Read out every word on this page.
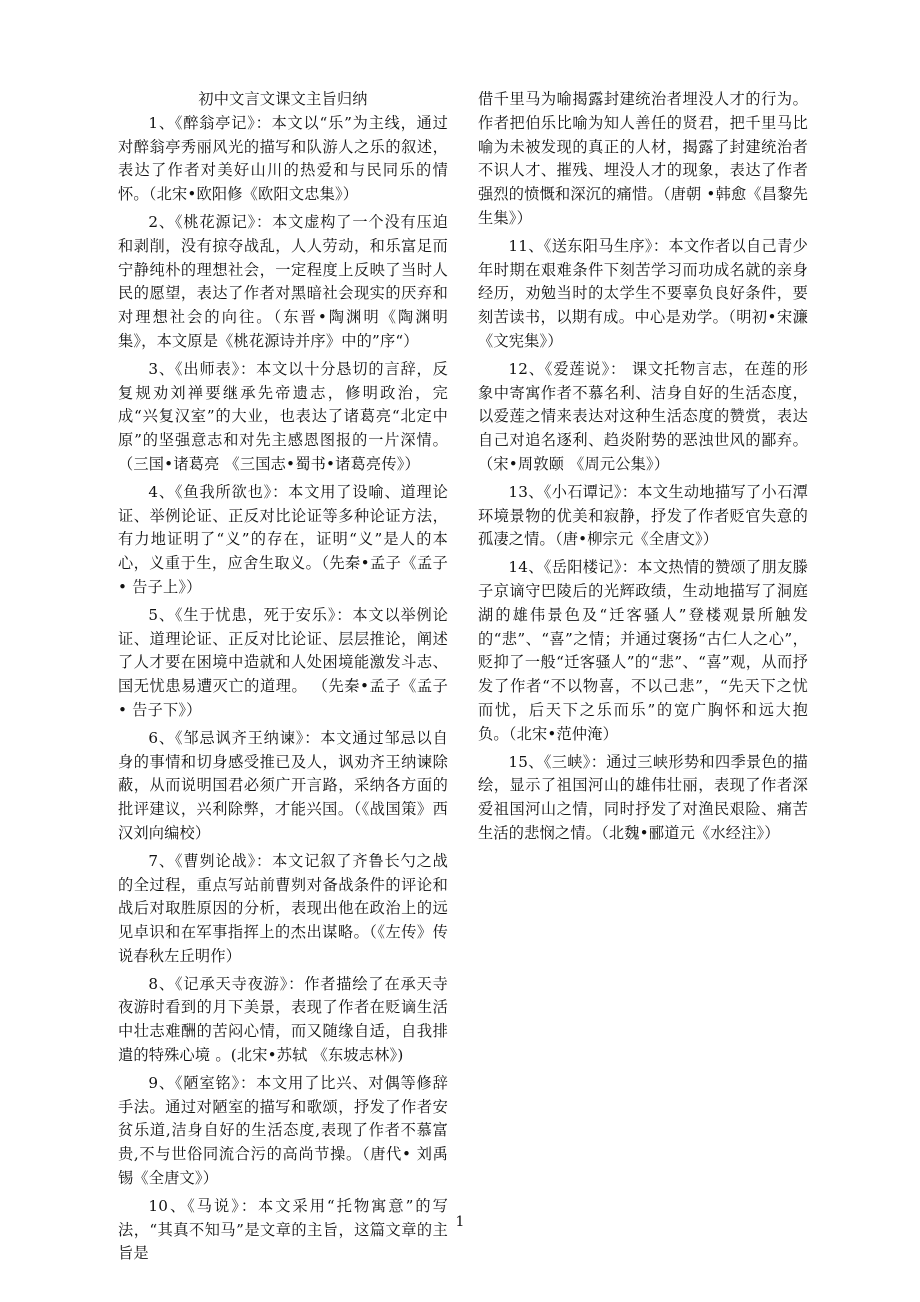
初中文言文课文主旨归纳

1、《醉翁亭记》：本文以“乐”为主线，通过对醉翁亭秀丽风光的描写和队游人之乐的叙述，表达了作者对美好山川的热爱和与民同乐的情怀。（北宋•欧阳修《欧阳文忠集》）

2、《桃花源记》：本文虚构了一个没有压迫和剥削，没有掠夺战乱，人人劳动，和乐富足而宁静纯朴的理想社会，一定程度上反映了当时人民的愿望，表达了作者对黑暗社会现实的厌弃和对理想社会的向往。（东晋•陶渊明《陶渊明集》，本文原是《桃花源诗并序》中的”序“）

3、《出师表》：本文以十分恳切的言辞，反复规劝刘禅要继承先帝遗志，修明政治，完成“兴复汉室”的大业，也表达了诸葛亮“北定中原”的坚强意志和对先主感恩图报的一片深情。 （三国•诸葛亮 《三国志•蜀书•诸葛亮传》）

4、《鱼我所欲也》：本文用了设喻、道理论证、举例论证、正反对比论证等多种论证方法，有力地证明了“义”的存在，证明“义”是人的本心，义重于生，应舍生取义。（先秦•孟子《孟子• 告子上》）

5、《生于忧患，死于安乐》：本文以举例论证、道理论证、正反对比论证、层层推论，阐述了人才要在困境中造就和人处困境能激发斗志、国无忧患易遭灭亡的道理。 （先秦•孟子《孟子• 告子下》）

6、《邹忌讽齐王纳谏》：本文通过邹忌以自身的事情和切身感受推已及人，讽劝齐王纳谏除蔽，从而说明国君必须广开言路，采纳各方面的批评建议，兴利除弊，才能兴国。（《战国策》西汉刘向编校）

7、《曹刿论战》：本文记叙了齐鲁长勺之战的全过程，重点写站前曹刿对备战条件的评论和战后对取胜原因的分析，表现出他在政治上的远见卓识和在军事指挥上的杰出谋略。（《左传》传说春秋左丘明作）

8、《记承天寺夜游》：作者描绘了在承天寺夜游时看到的月下美景，表现了作者在贬谪生活中壮志难酬的苦闷心情，而又随缘自适，自我排遣的特殊心境 。(北宋•苏轼 《东坡志林》)

9、《陋室铭》：本文用了比兴、对偶等修辞手法。通过对陋室的描写和歌颂，抒发了作者安贫乐道,洁身自好的生活态度,表现了作者不慕富贵,不与世俗同流合污的高尚节操。（唐代• 刘禹锡《全唐文》）

10、《马说》：本文采用“托物寓意”的写法，“其真不知马”是文章的主旨，这篇文章的主旨是

借千里马为喻揭露封建统治者埋没人才的行为。作者把伯乐比喻为知人善任的贤君，把千里马比喻为未被发现的真正的人材，揭露了封建统治者不识人才、摧残、埋没人才的现象，表达了作者强烈的愤慨和深沉的痛惜。（唐朝 •韩愈《昌黎先生集》）

11、《送东阳马生序》：本文作者以自己青少年时期在艰难条件下刻苦学习而功成名就的亲身经历，劝勉当时的太学生不要辜负良好条件，要刻苦读书，以期有成。中心是劝学。（明初•宋濂 《文宪集》）

12、《爱莲说》： 课文托物言志，在莲的形象中寄寓作者不慕名利、洁身自好的生活态度，以爱莲之情来表达对这种生活态度的赞赏，表达自己对追名逐利、趋炎附势的恶浊世风的鄙弃。（宋•周敦颐 《周元公集》）

13、《小石谭记》：本文生动地描写了小石潭环境景物的优美和寂静，抒发了作者贬官失意的孤凄之情。（唐•柳宗元《全唐文》）

14、《岳阳楼记》：本文热情的赞颂了朋友滕子京谪守巴陵后的光辉政绩，生动地描写了洞庭湖的雄伟景色及“迁客骚人”登楼观景所触发的“悲”、“喜”之情；并通过褒扬“古仁人之心”，贬抑了一般“迁客骚人”的“悲”、“喜”观，从而抒发了作者“不以物喜，不以己悲”，“先天下之忧而忧，后天下之乐而乐”的宽广胸怀和远大抱负。（北宋•范仲淹）

15、《三峡》：通过三峡形势和四季景色的描绘，显示了祖国河山的雄伟壮丽，表现了作者深爱祖国河山之情，同时抒发了对渔民艰险、痛苦生活的悲悯之情。（北魏•郦道元《水经注》）

1
